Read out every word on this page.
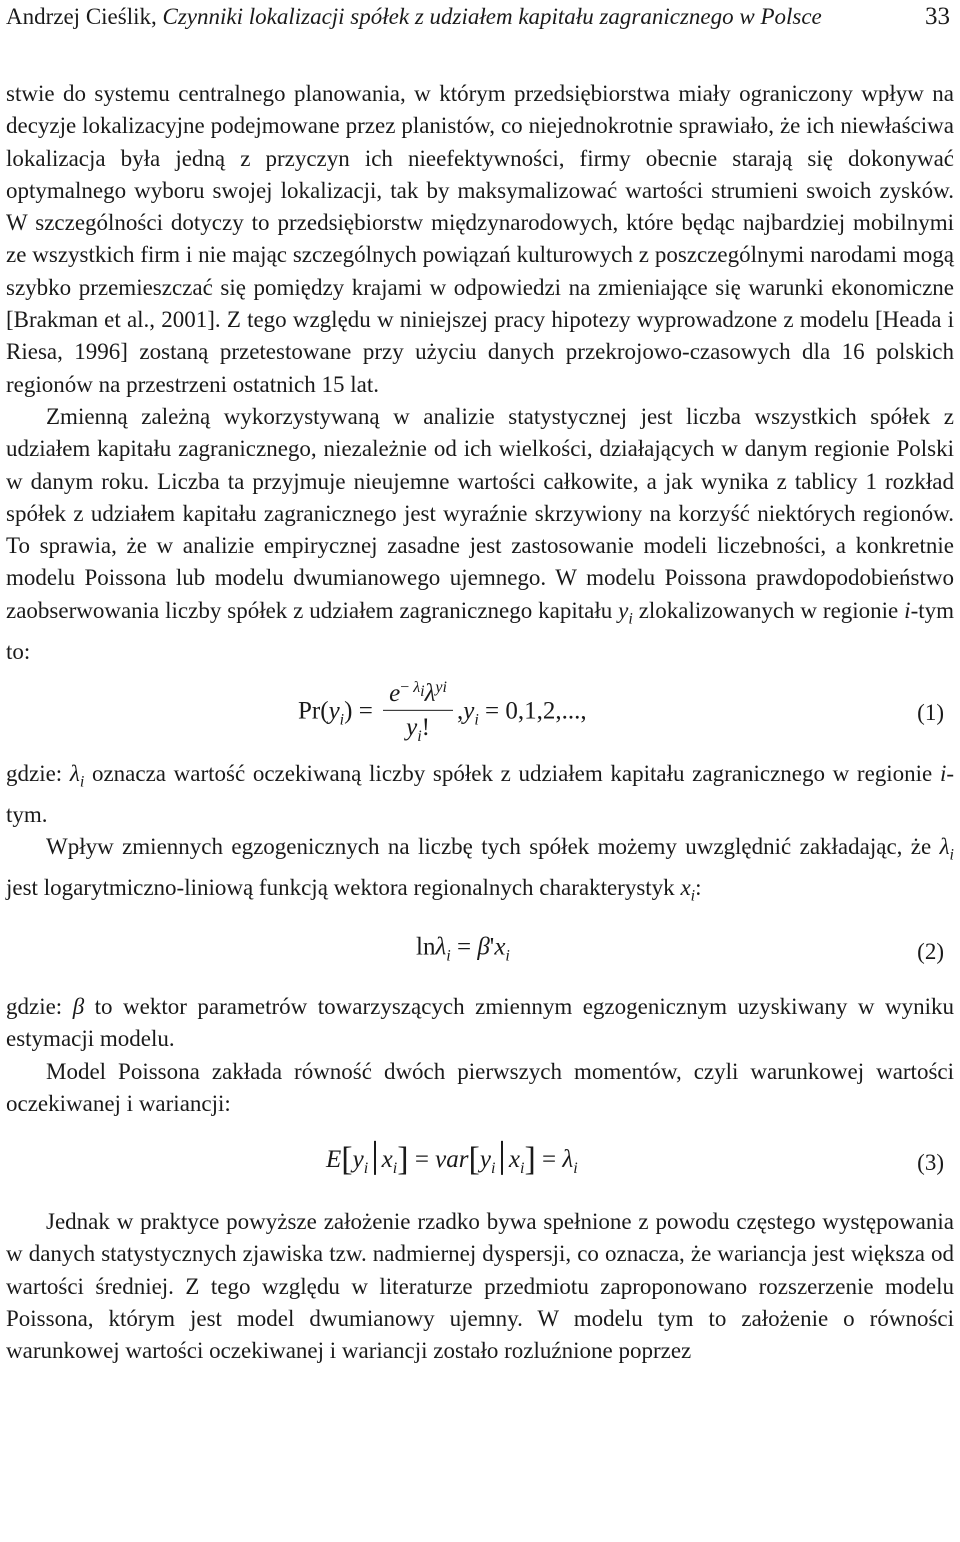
Andrzej Cieślik, Czynniki lokalizacji spółek z udziałem kapitału zagranicznego w Polsce	33

stwie do systemu centralnego planowania, w którym przedsiębiorstwa miały ograniczony wpływ na decyzje lokalizacyjne podejmowane przez planistów, co niejednokrotnie sprawiało, że ich niewłaściwa lokalizacja była jedną z przyczyn ich nieefektywności, firmy obecnie starają się dokonywać optymalnego wyboru swojej lokalizacji, tak by maksymalizować wartości strumieni swoich zysków. W szczególności dotyczy to przedsiębiorstw międzynarodowych, które będąc najbardziej mobilnymi ze wszystkich firm i nie mając szczególnych powiązań kulturowych z poszczególnymi narodami mogą szybko przemieszczać się pomiędzy krajami w odpowiedzi na zmieniające się warunki ekonomiczne [Brakman et al., 2001]. Z tego względu w niniejszej pracy hipotezy wyprowadzone z modelu [Heada i Riesa, 1996] zostaną przetestowane przy użyciu danych przekrojowo-czasowych dla 16 polskich regionów na przestrzeni ostatnich 15 lat.

Zmienną zależną wykorzystywaną w analizie statystycznej jest liczba wszystkich spółek z udziałem kapitału zagranicznego, niezależnie od ich wielkości, działających w danym regionie Polski w danym roku. Liczba ta przyjmuje nieujemne wartości całkowite, a jak wynika z tablicy 1 rozkład spółek z udziałem kapitału zagranicznego jest wyraźnie skrzywiony na korzyść niektórych regionów. To sprawia, że w analizie empirycznej zasadne jest zastosowanie modeli liczebności, a konkretnie modelu Poissona lub modelu dwumianowego ujemnego. W modelu Poissona prawdopodobieństwo zaobserwowania liczby spółek z udziałem zagranicznego kapitału $y_i$ zlokalizowanych w regionie i-tym to:

$Pr(y_i) = \frac{e^{- \lambda_i}\lambda^{yi}}{y_i!} ,y_i = 0,1,2$,...,	(1)

gdzie: $\lambda_i$ oznacza wartość oczekiwaną liczby spółek z udziałem kapitału zagranicznego w regionie i-tym.

Wpływ zmiennych egzogenicznych na liczbę tych spółek możemy uwzględnić zakładając, że $\lambda_i$ jest logarytmiczno-liniową funkcją wektora regionalnych charakterystyk $x_i$:

$\ln\lambda_i = \beta'x_i$	(2)

gdzie: β to wektor parametrów towarzyszących zmiennym egzogenicznym uzyskiwany w wyniku estymacji modelu.

Model Poissona zakłada równość dwóch pierwszych momentów, czyli warunkowej wartości oczekiwanej i wariancji:

$E[y_i$ $x_i] = var[y_i$ $x_i] = \lambda_i$	(3)

Jednak w praktyce powyższe założenie rzadko bywa spełnione z powodu częstego występowania w danych statystycznych zjawiska tzw. nadmiernej dyspersji, co oznacza, że wariancja jest większa od wartości średniej. Z tego względu w literaturze przedmiotu zaproponowano rozszerzenie modelu Poissona, którym jest model dwumianowy ujemny. W modelu tym to założenie o równości warunkowej wartości oczekiwanej i wariancji zostało rozluźnione poprzez
